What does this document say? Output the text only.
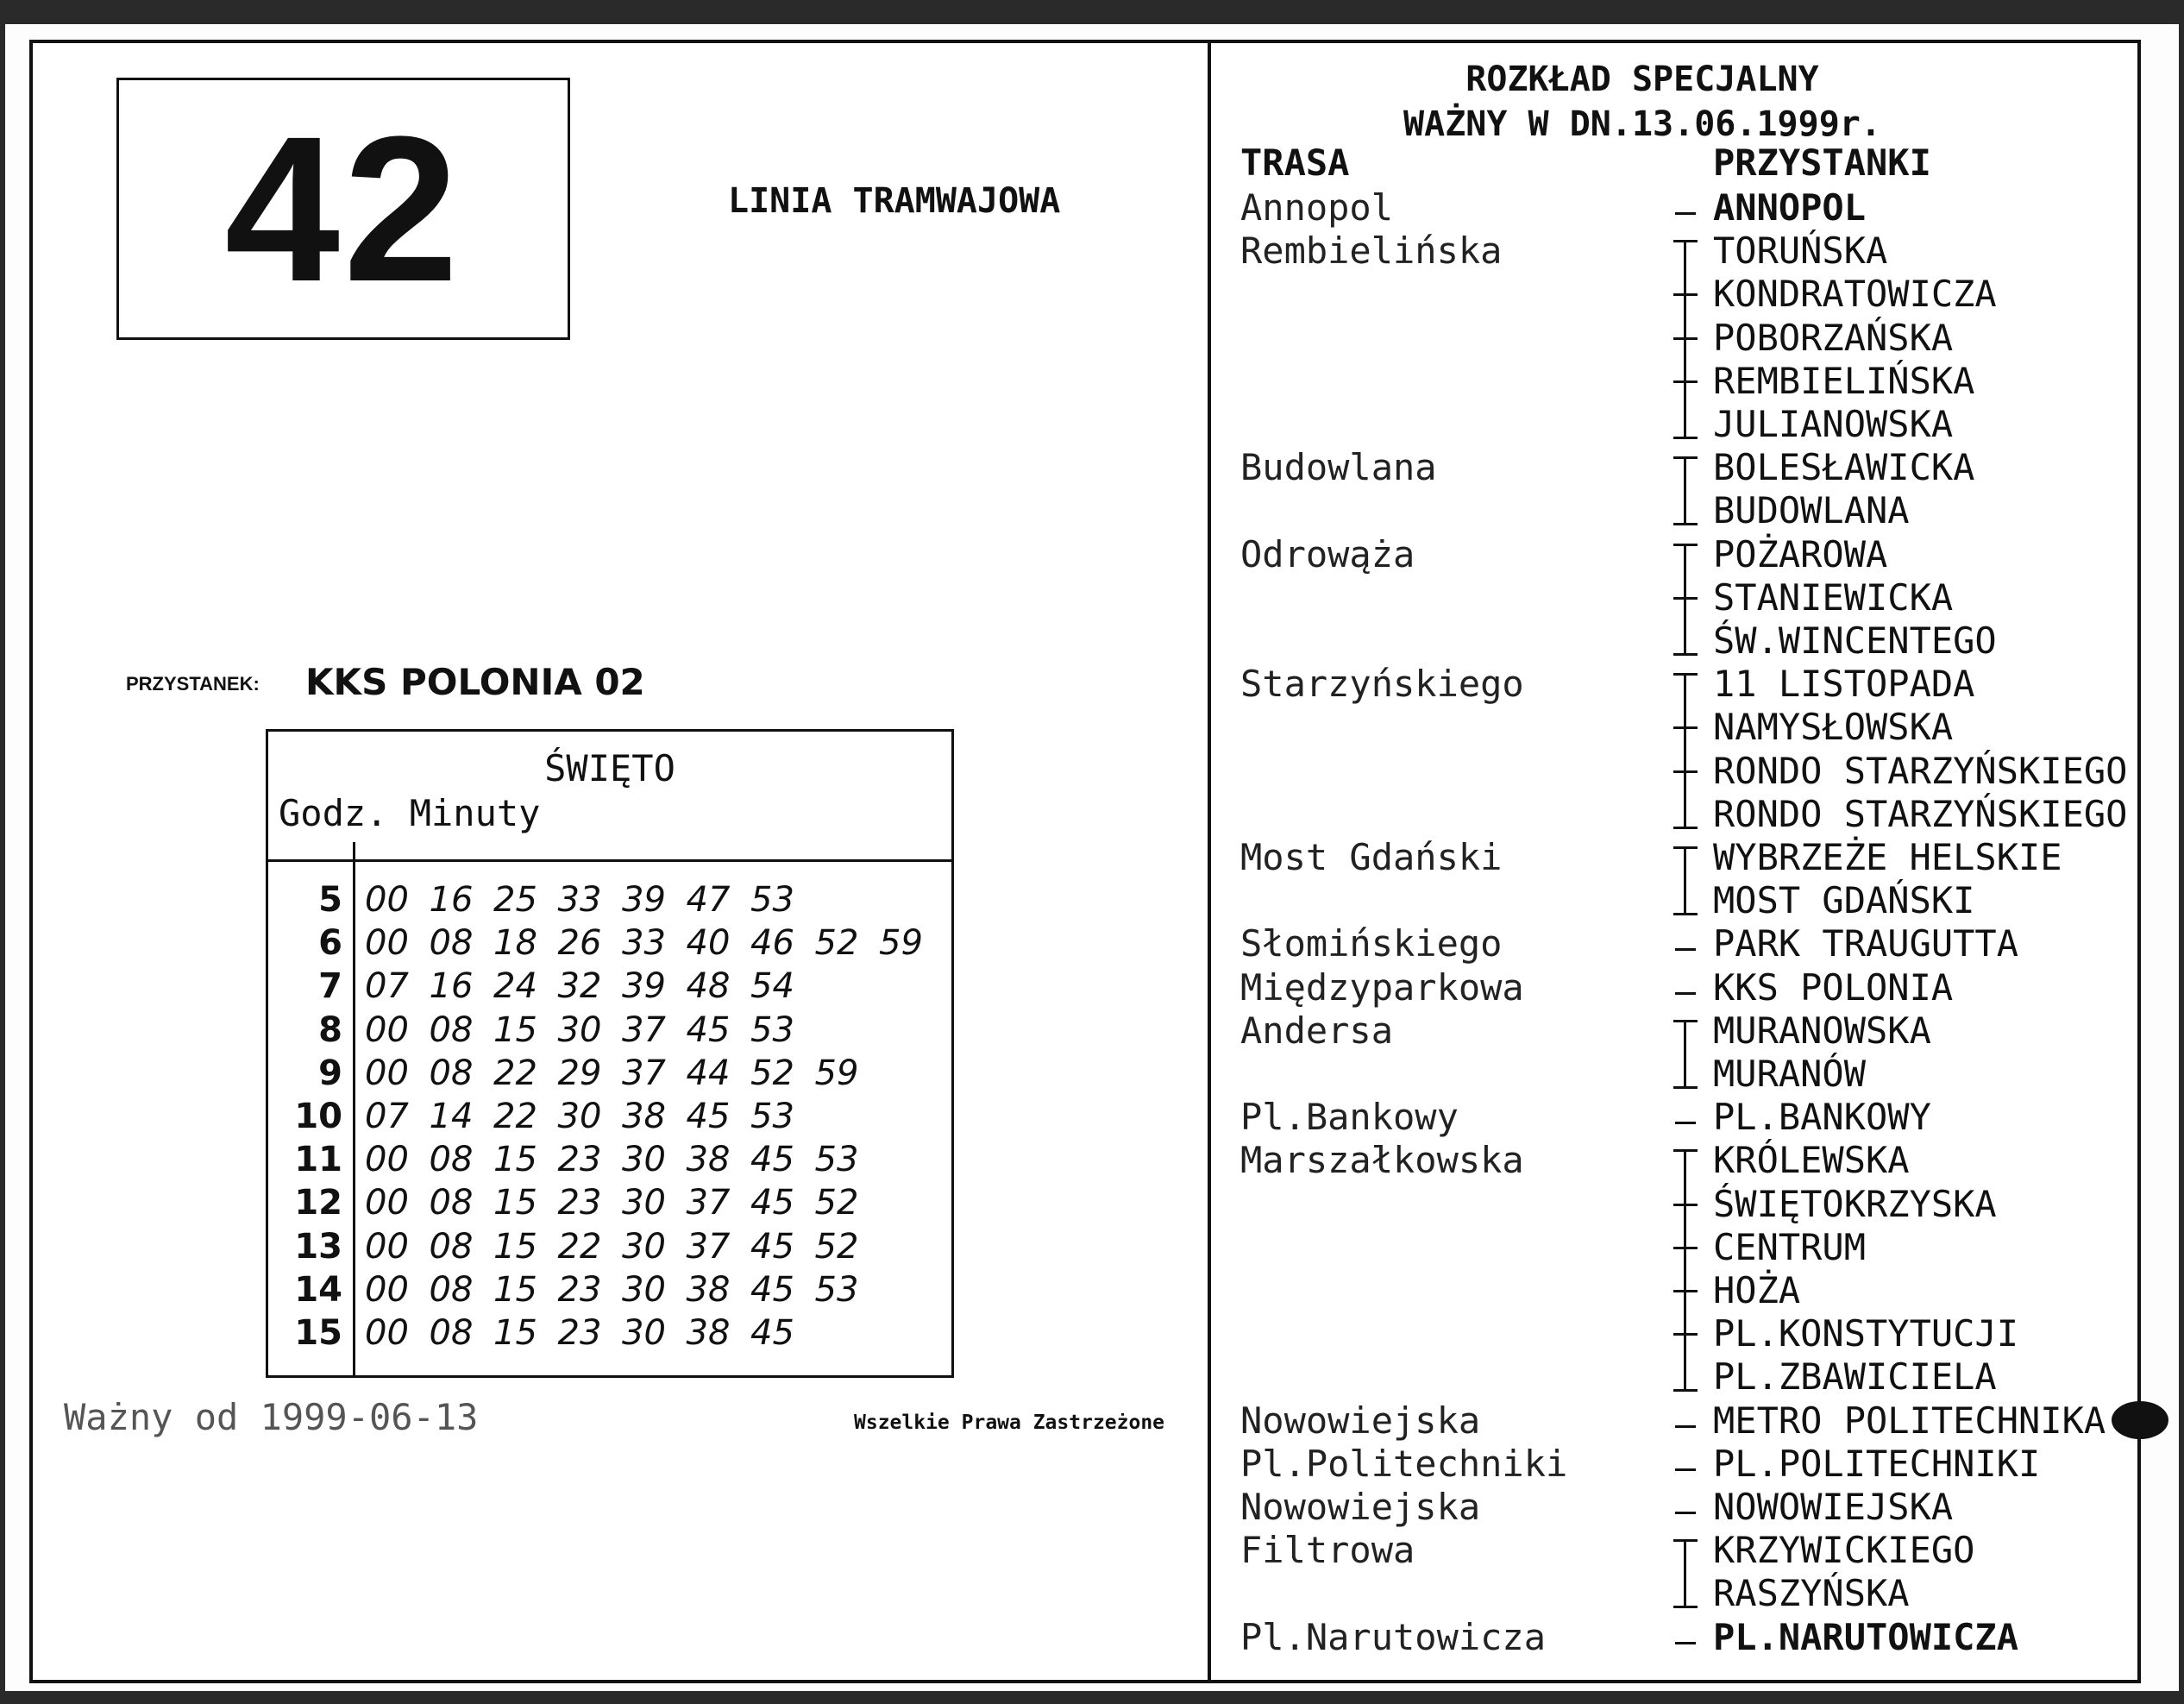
42	LINIA TRAMWAJOWA
PRZYSTANEK: KKS POLONIA 02
ŚWIĘTO
Godz. Minuty
5 00 16 25 33 39 47 53
6 00 08 18 26 33 40 46 52 59
7 07 16 24 32 39 48 54
8 00 08 15 30 37 45 53
9 00 08 22 29 37 44 52 59
10 07 14 22 30 38 45 53
11 00 08 15 23 30 38 45 53
12 00 08 15 23 30 37 45 52
13 00 08 15 22 30 37 45 52
14 00 08 15 23 30 38 45 53
15 00 08 15 23 30 38 45
Ważny od 1999-06-13	Wszelkie Prawa Zastrzeżone
ROZKŁAD SPECJALNY
WAŻNY W DN.13.06.1999r.
TRASA	PRZYSTANKI
Annopol	ANNOPOL
Rembielińska	TORUŃSKA
KONDRATOWICZA
POBORZAŃSKA
REMBIELIŃSKA
JULIANOWSKA
Budowlana	BOLESŁAWICKA
BUDOWLANA
Odrowąża	POŻAROWA
STANIEWICKA
ŚW.WINCENTEGO
Starzyńskiego	11 LISTOPADA
NAMYSŁOWSKA
RONDO STARZYŃSKIEGO
RONDO STARZYŃSKIEGO
Most Gdański	WYBRZEŻE HELSKIE
MOST GDAŃSKI
Słomińskiego	PARK TRAUGUTTA
Międzyparkowa	KKS POLONIA
Andersa	MURANOWSKA
MURANÓW
Pl.Bankowy	PL.BANKOWY
Marszałkowska	KRÓLEWSKA
ŚWIĘTOKRZYSKA
CENTRUM
HOŻA
PL.KONSTYTUCJI
PL.ZBAWICIELA
Nowowiejska	METRO POLITECHNIKA
Pl.Politechniki	PL.POLITECHNIKI
Nowowiejska	NOWOWIEJSKA
Filtrowa	KRZYWICKIEGO
RASZYŃSKA
Pl.Narutowicza	PL.NARUTOWICZA
